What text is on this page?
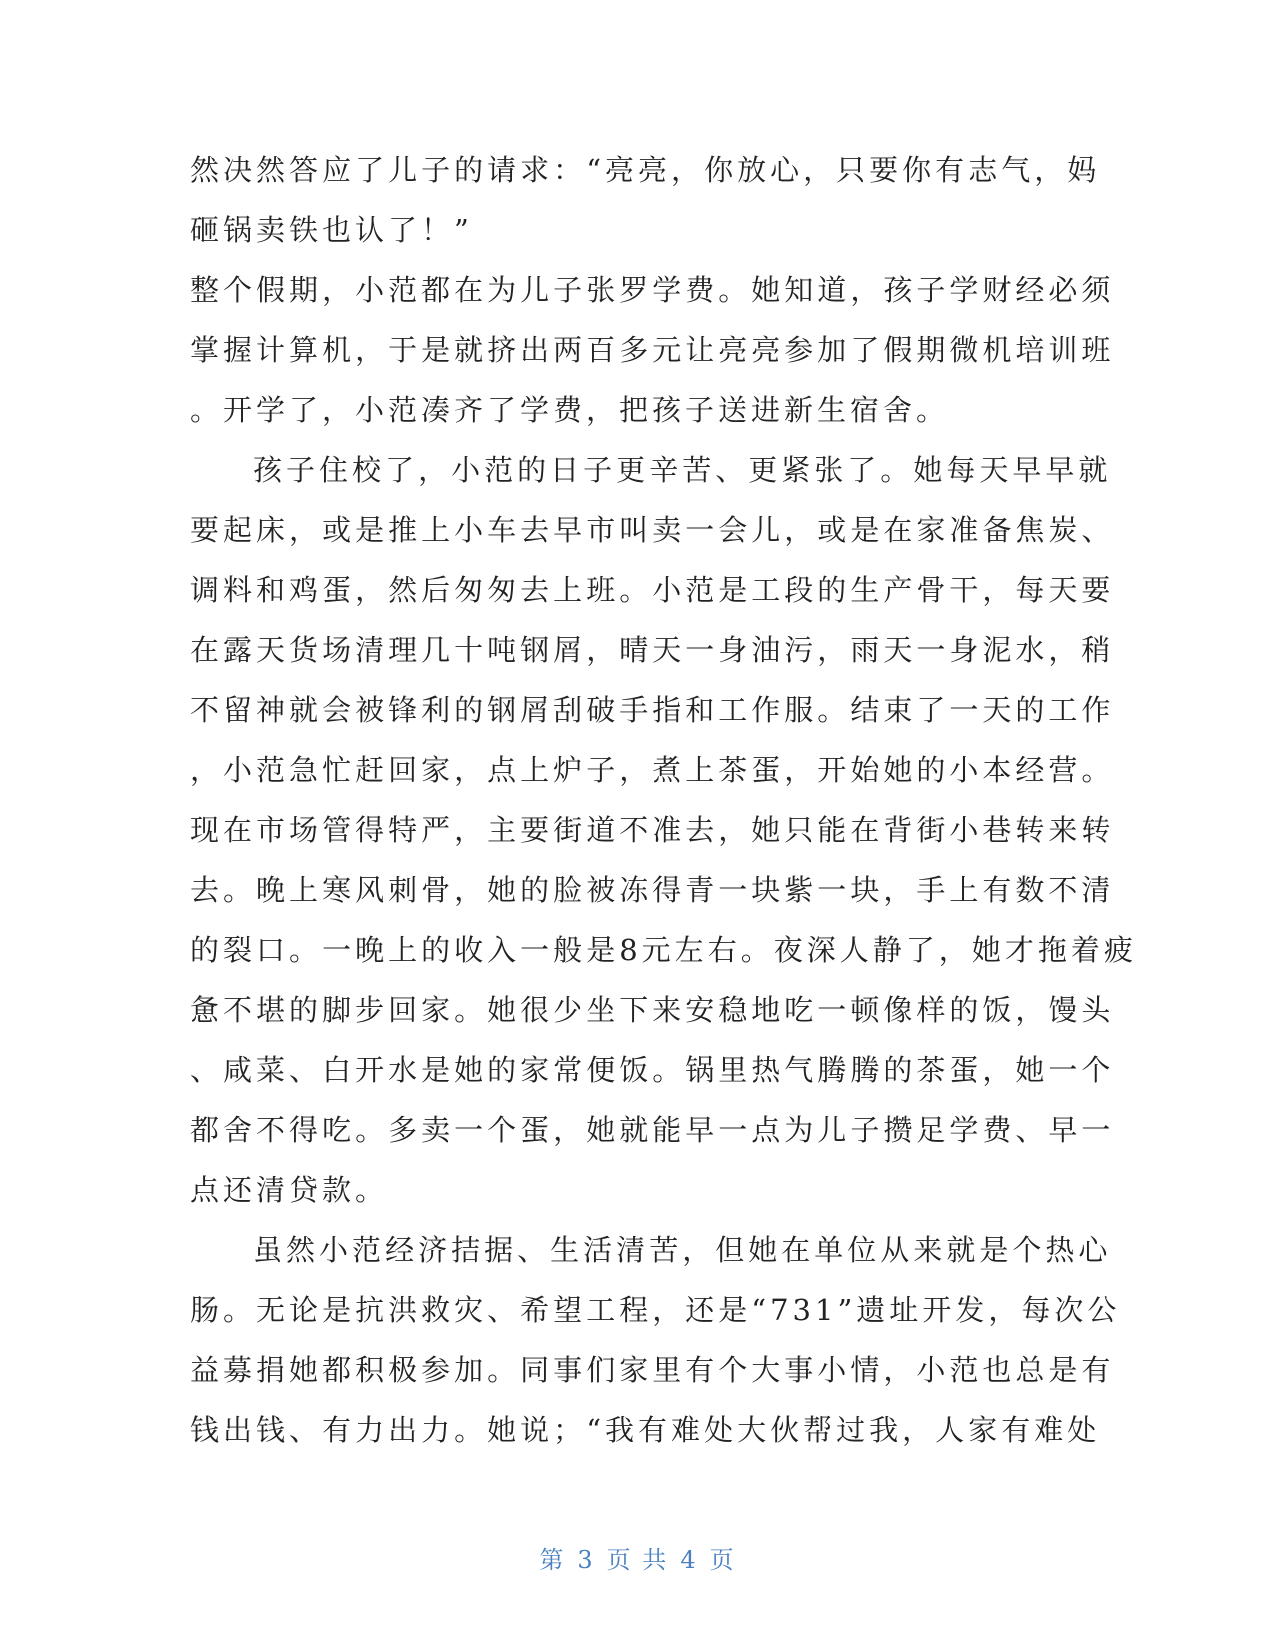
然 决 然 答 应 了 儿 子 的 请 求 ： “ 亮 亮 ， 你 放 心 ， 只 要 你 有 志 气 ， 妈
砸锅卖铁也认了！”
整 个 假 期 ， 小 范 都 在 为 儿 子 张 罗 学 费 。 她 知 道 ， 孩 子 学 财 经 必 须
掌 握 计 算 机 ， 于 是 就 挤 出 两 百 多 元 让 亮 亮 参 加 了 假 期 微 机 培 训 班
。开学了，小范凑齐了学费，把孩子送进新生宿舍。
孩 子 住 校 了 ， 小 范 的 日 子 更 辛 苦 、 更 紧 张 了 。 她 每 天 早 早 就
要 起 床 ， 或 是 推 上 小 车 去 早 市 叫 卖 一 会 儿 ， 或 是 在 家 准 备 焦 炭 、
调 料 和 鸡 蛋 ， 然 后 匆 匆 去 上 班 。 小 范 是 工 段 的 生 产 骨 干 ， 每 天 要
在 露 天 货 场 清 理 几 十 吨 钢 屑 ， 晴 天 一 身 油 污 ， 雨 天 一 身 泥 水 ， 稍
不 留 神 就 会 被 锋 利 的 钢 屑 刮 破 手 指 和 工 作 服 。 结 束 了 一 天 的 工 作
， 小 范 急 忙 赶 回 家 ， 点 上 炉 子 ， 煮 上 茶 蛋 ， 开 始 她 的 小 本 经 营 。
现 在 市 场 管 得 特 严 ， 主 要 街 道 不 准 去 ， 她 只 能 在 背 街 小 巷 转 来 转
去 。 晚 上 寒 风 刺 骨 ， 她 的 脸 被 冻 得 青 一 块 紫 一 块 ， 手 上 有 数 不 清
的 裂 口 。 一 晚 上 的 收 入 一 般 是 8 元 左 右 。 夜 深 人 静 了 ， 她 才 拖 着 疲
惫 不 堪 的 脚 步 回 家 。 她 很 少 坐 下 来 安 稳 地 吃 一 顿 像 样 的 饭 ， 馒 头
、 咸 菜 、 白 开 水 是 她 的 家 常 便 饭 。 锅 里 热 气 腾 腾 的 茶 蛋 ， 她 一 个
都 舍 不 得 吃 。 多 卖 一 个 蛋 ， 她 就 能 早 一 点 为 儿 子 攒 足 学 费 、 早 一
点还清贷款。
虽 然 小 范 经 济 拮 据 、 生 活 清 苦 ， 但 她 在 单 位 从 来 就 是 个 热 心
肠 。 无 论 是 抗 洪 救 灾 、 希 望 工 程 ， 还 是 “ 7 3 1 ” 遗 址 开 发 ， 每 次 公
益 募 捐 她 都 积 极 参 加 。 同 事 们 家 里 有 个 大 事 小 情 ， 小 范 也 总 是 有
钱 出 钱 、 有 力 出 力 。 她 说 ； “ 我 有 难 处 大 伙 帮 过 我 ， 人 家 有 难 处
第 3 页 共 4 页
